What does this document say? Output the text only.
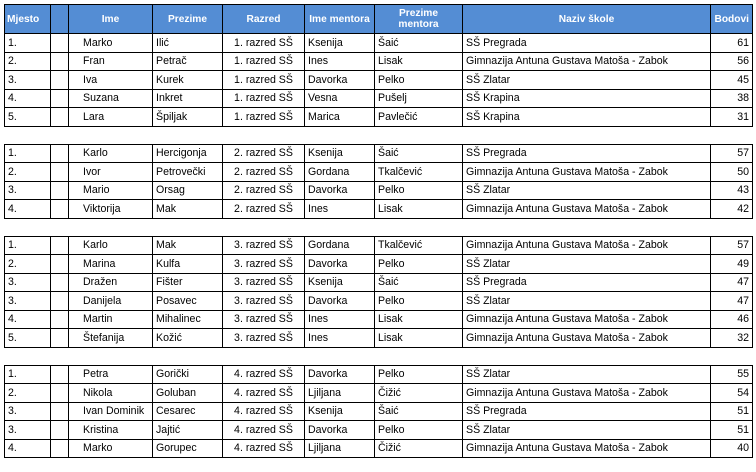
Mjesto		Ime	Prezime	Razred	Ime mentora	Prezime mentora	Naziv škole	Bodovi
1.		Marko	Ilić	1. razred SŠ	Ksenija	Šaić	SŠ Pregrada	61
2.		Fran	Petrač	1. razred SŠ	Ines	Lisak	Gimnazija Antuna Gustava Matoša - Zabok	56
3.		Iva	Kurek	1. razred SŠ	Davorka	Pelko	SŠ Zlatar	45
4.		Suzana	Inkret	1. razred SŠ	Vesna	Pušelj	SŠ Krapina	38
5.		Lara	Špiljak	1. razred SŠ	Marica	Pavlečić	SŠ Krapina	31

1.		Karlo	Hercigonja	2. razred SŠ	Ksenija	Šaić	SŠ Pregrada	57
2.		Ivor	Petrovečki	2. razred SŠ	Gordana	Tkalčević	Gimnazija Antuna Gustava Matoša - Zabok	50
3.		Mario	Orsag	2. razred SŠ	Davorka	Pelko	SŠ Zlatar	43
4.		Viktorija	Mak	2. razred SŠ	Ines	Lisak	Gimnazija Antuna Gustava Matoša - Zabok	42

1.		Karlo	Mak	3. razred SŠ	Gordana	Tkalčević	Gimnazija Antuna Gustava Matoša - Zabok	57
2.		Marina	Kulfa	3. razred SŠ	Davorka	Pelko	SŠ Zlatar	49
3.		Dražen	Fišter	3. razred SŠ	Ksenija	Šaić	SŠ Pregrada	47
3.		Danijela	Posavec	3. razred SŠ	Davorka	Pelko	SŠ Zlatar	47
4.		Martin	Mihalinec	3. razred SŠ	Ines	Lisak	Gimnazija Antuna Gustava Matoša - Zabok	46
5.		Štefanija	Kožić	3. razred SŠ	Ines	Lisak	Gimnazija Antuna Gustava Matoša - Zabok	32

1.		Petra	Gorički	4. razred SŠ	Davorka	Pelko	SŠ Zlatar	55
2.		Nikola	Goluban	4. razred SŠ	Ljiljana	Čižić	Gimnazija Antuna Gustava Matoša - Zabok	54
3.		Ivan Dominik	Cesarec	4. razred SŠ	Ksenija	Šaić	SŠ Pregrada	51
3.		Kristina	Jajtić	4. razred SŠ	Davorka	Pelko	SŠ Zlatar	51
4.		Marko	Gorupec	4. razred SŠ	Ljiljana	Čižić	Gimnazija Antuna Gustava Matoša - Zabok	40
